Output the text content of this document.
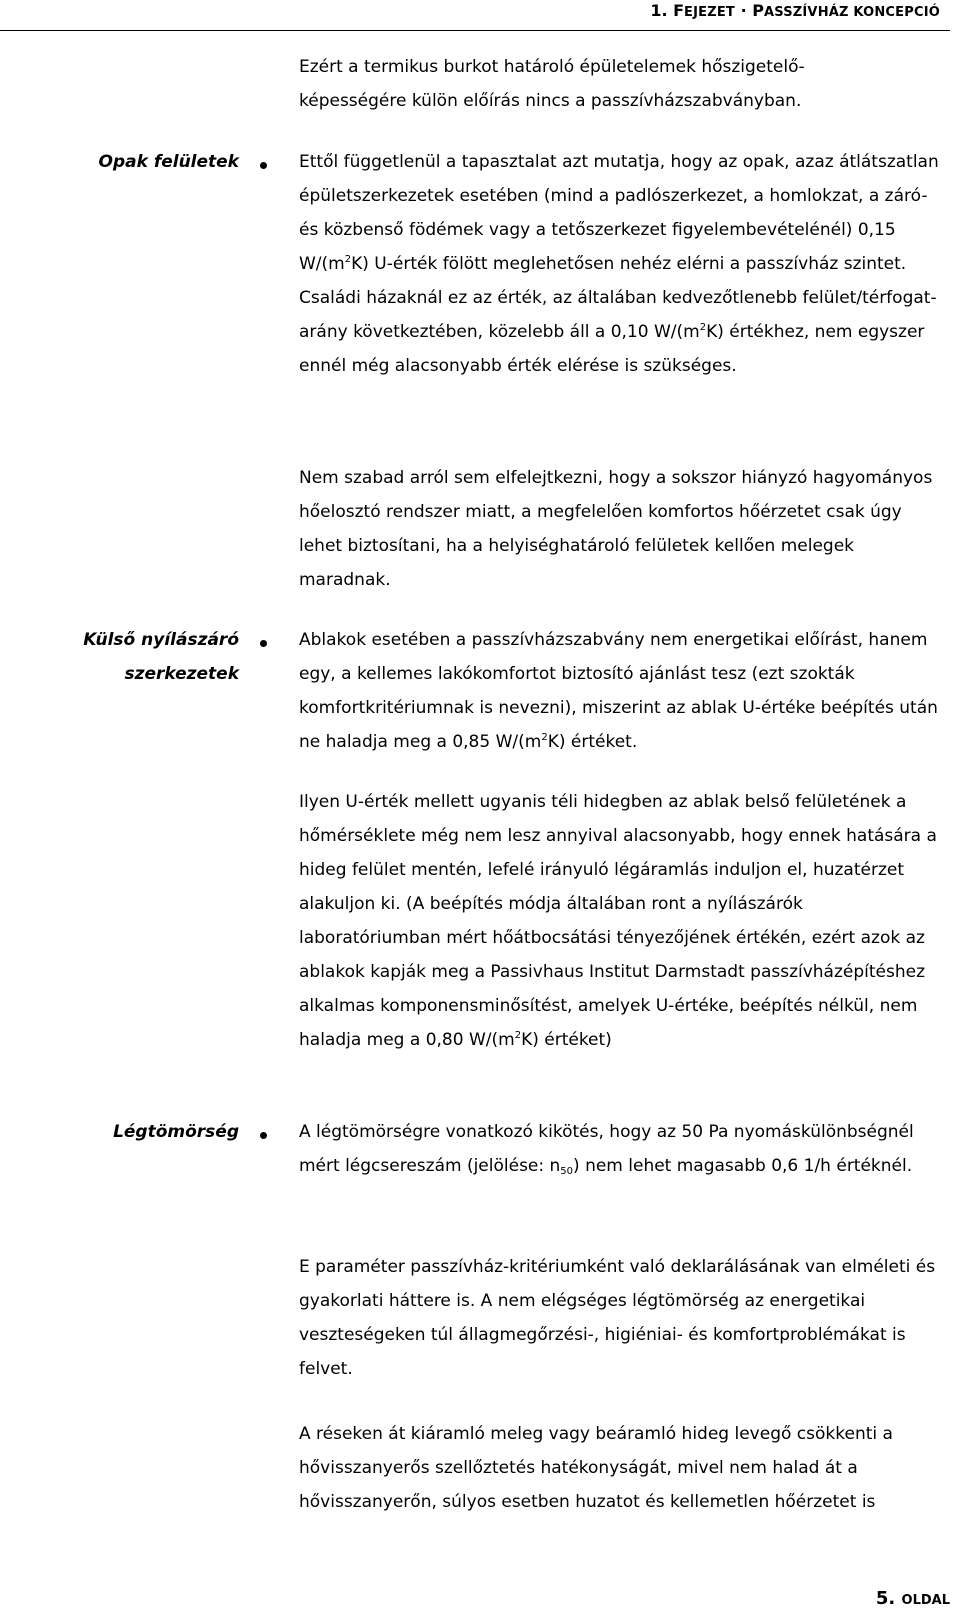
1. FEJEZET · PASSZÍVHÁZ KONCEPCIÓ

Ezért a termikus burkot határoló épületelemek hőszigetelő-
képességére külön előírás nincs a passzívházszabványban.

Opak felületek	Ettől függetlenül a tapasztalat azt mutatja, hogy az opak, azaz átlátszatlan épületszerkezetek esetében (mind a padlószerkezet, a homlokzat, a záró- és közbenső födémek vagy a tetőszerkezet figyelembevételénél) 0,15 $W/(m^2K)$ U-érték fölött meglehetősen nehéz elérni a passzívház szintet. Családi házaknál ez az érték, az általában kedvezőtlenebb felület/térfogat-arány következtében, közelebb áll a 0,10 $W/(m^2K)$ értékhez, nem egyszer ennél még alacsonyabb érték elérése is szükséges.

Nem szabad arról sem elfelejtkezni, hogy a sokszor hiányzó hagyományos hőelosztó rendszer miatt, a megfelelően komfortos hőérzetet csak úgy lehet biztosítani, ha a helyiséghatároló felületek kellően melegek maradnak.

Külső nyílászáró
szerkezetek

Ablakok esetében a passzívházszabvány nem energetikai előírást, hanem egy, a kellemes lakókomfortot biztosító ajánlást tesz (ezt szokták komfortkritériumnak is nevezni), miszerint az ablak U-értéke beépítés után ne haladja meg a 0,85 $W/(m^2K)$ értéket.

Ilyen U-érték mellett ugyanis téli hidegben az ablak belső felületének a hőmérséklete még nem lesz annyival alacsonyabb, hogy ennek hatására a hideg felület mentén, lefelé irányuló légáramlás induljon el, huzatérzet alakuljon ki. (A beépítés módja általában ront a nyílászárók laboratóriumban mért hőátbocsátási tényezőjének értékén, ezért azok az ablakok kapják meg a Passivhaus Institut Darmstadt passzívházépítéshez alkalmas komponensminősítést, amelyek U-értéke, beépítés nélkül, nem haladja meg a 0,80 $W/(m^2K)$ értéket)

Légtömörség	A légtömörségre vonatkozó kikötés, hogy az 50 Pa nyomáskülönbségnél mért légcsereszám (jelölése: $n_{50}$) nem lehet magasabb 0,6 1/h értéknél.

E paraméter passzívház-kritériumként való deklarálásának van elméleti és gyakorlati háttere is. A nem elégséges légtömörség az energetikai veszteségeken túl állagmegőrzési-, higiéniai- és komfortproblémákat is felvet.

A réseken át kiáramló meleg vagy beáramló hideg levegő csökkenti a hővisszanyerős szellőztetés hatékonyságát, mivel nem halad át a hővisszanyerőn, súlyos esetben huzatot és kellemetlen hőérzetet is

5. OLDAL
